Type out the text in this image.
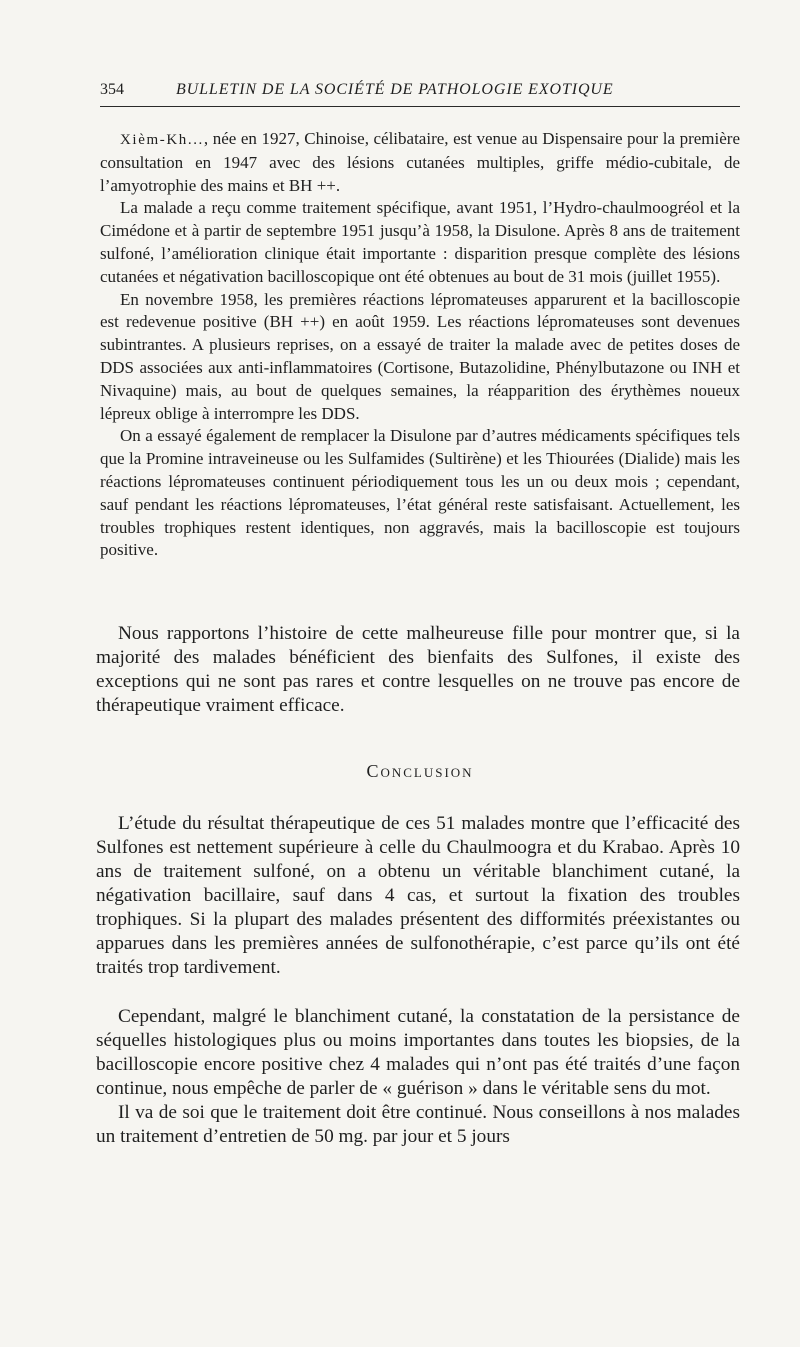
354	BULLETIN DE LA SOCIÉTÉ DE PATHOLOGIE EXOTIQUE

Xièm-Kh..., née en 1927, Chinoise, célibataire, est venue au Dispensaire pour la première consultation en 1947 avec des lésions cutanées multiples, griffe médio-cubitale, de l’amyotrophie des mains et BH ++.

La malade a reçu comme traitement spécifique, avant 1951, l’Hydro-chaulmoogréol et la Cimédone et à partir de septembre 1951 jusqu’à 1958, la Disulone. Après 8 ans de traitement sulfoné, l’amélioration clinique était importante : disparition presque complète des lésions cutanées et négativation bacilloscopique ont été obtenues au bout de 31 mois (juillet 1955).

En novembre 1958, les premières réactions lépromateuses apparurent et la bacilloscopie est redevenue positive (BH ++) en août 1959. Les réactions lépromateuses sont devenues subintrantes. A plusieurs reprises, on a essayé de traiter la malade avec de petites doses de DDS associées aux anti-inflammatoires (Cortisone, Butazolidine, Phénylbutazone ou INH et Nivaquine) mais, au bout de quelques semaines, la réapparition des érythèmes noueux lépreux oblige à interrompre les DDS.

On a essayé également de remplacer la Disulone par d’autres médicaments spécifiques tels que la Promine intraveineuse ou les Sulfamides (Sultirène) et les Thiourées (Dialide) mais les réactions lépromateuses continuent périodiquement tous les un ou deux mois ; cependant, sauf pendant les réactions lépromateuses, l’état général reste satisfaisant. Actuellement, les troubles trophiques restent identiques, non aggravés, mais la bacilloscopie est toujours positive.

Nous rapportons l’histoire de cette malheureuse fille pour montrer que, si la majorité des malades bénéficient des bienfaits des Sulfones, il existe des exceptions qui ne sont pas rares et contre lesquelles on ne trouve pas encore de thérapeutique vraiment efficace.

Conclusion

L’étude du résultat thérapeutique de ces 51 malades montre que l’efficacité des Sulfones est nettement supérieure à celle du Chaulmoogra et du Krabao. Après 10 ans de traitement sulfoné, on a obtenu un véritable blanchiment cutané, la négativation bacillaire, sauf dans 4 cas, et surtout la fixation des troubles trophiques. Si la plupart des malades présentent des difformités préexistantes ou apparues dans les premières années de sulfonothérapie, c’est parce qu’ils ont été traités trop tardivement.

Cependant, malgré le blanchiment cutané, la constatation de la persistance de séquelles histologiques plus ou moins importantes dans toutes les biopsies, de la bacilloscopie encore positive chez 4 malades qui n’ont pas été traités d’une façon continue, nous empêche de parler de « guérison » dans le véritable sens du mot.

Il va de soi que le traitement doit être continué. Nous conseillons à nos malades un traitement d’entretien de 50 mg. par jour et 5 jours
